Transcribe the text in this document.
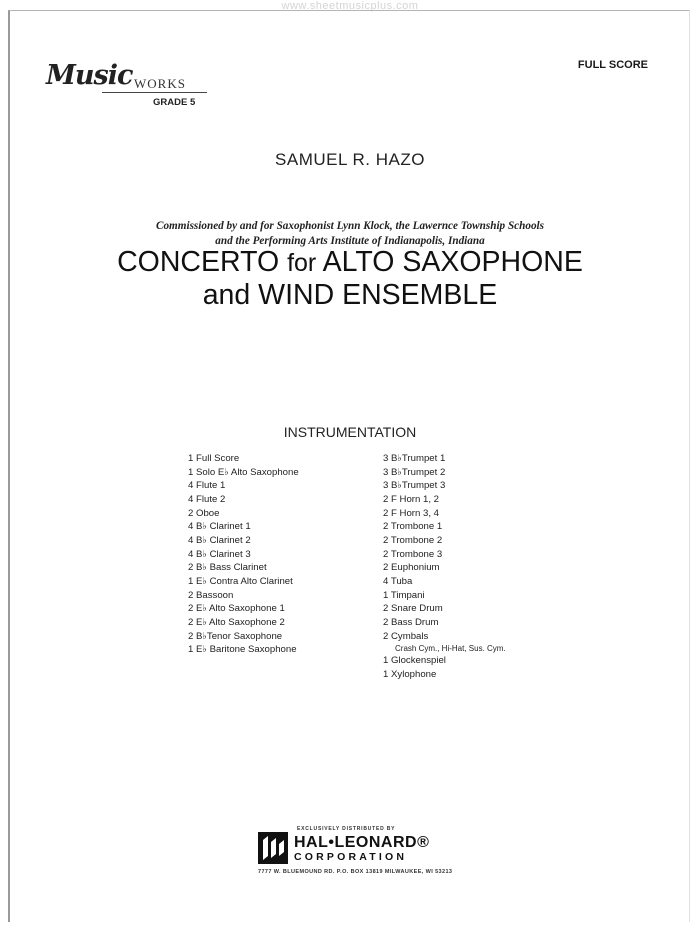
www.sheetmusicplus.com
Music WORKS
GRADE 5
FULL SCORE
SAMUEL R. HAZO
Commissioned by and for Saxophonist Lynn Klock, the Lawernce Township Schools
and the Performing Arts Institute of Indianapolis, Indiana
CONCERTO for ALTO SAXOPHONE
and WIND ENSEMBLE
INSTRUMENTATION
1 Full Score
1 Solo E♭ Alto Saxophone
4 Flute 1
4 Flute 2
2 Oboe
4 B♭ Clarinet 1
4 B♭ Clarinet 2
4 B♭ Clarinet 3
2 B♭ Bass Clarinet
1 E♭ Contra Alto Clarinet
2 Bassoon
2 E♭ Alto Saxophone 1
2 E♭ Alto Saxophone 2
2 B♭Tenor Saxophone
1 E♭ Baritone Saxophone
3 B♭Trumpet 1
3 B♭Trumpet 2
3 B♭Trumpet 3
2 F Horn 1, 2
2 F Horn 3, 4
2 Trombone 1
2 Trombone 2
2 Trombone 3
2 Euphonium
4 Tuba
1 Timpani
2 Snare Drum
2 Bass Drum
2 Cymbals
Crash Cym., Hi-Hat, Sus. Cym.
1 Glockenspiel
1 Xylophone
EXCLUSIVELY DISTRIBUTED BY
HAL•LEONARD®
CORPORATION
7777 W. BLUEMOUND RD. P.O. BOX 13819 MILWAUKEE, WI 53213
